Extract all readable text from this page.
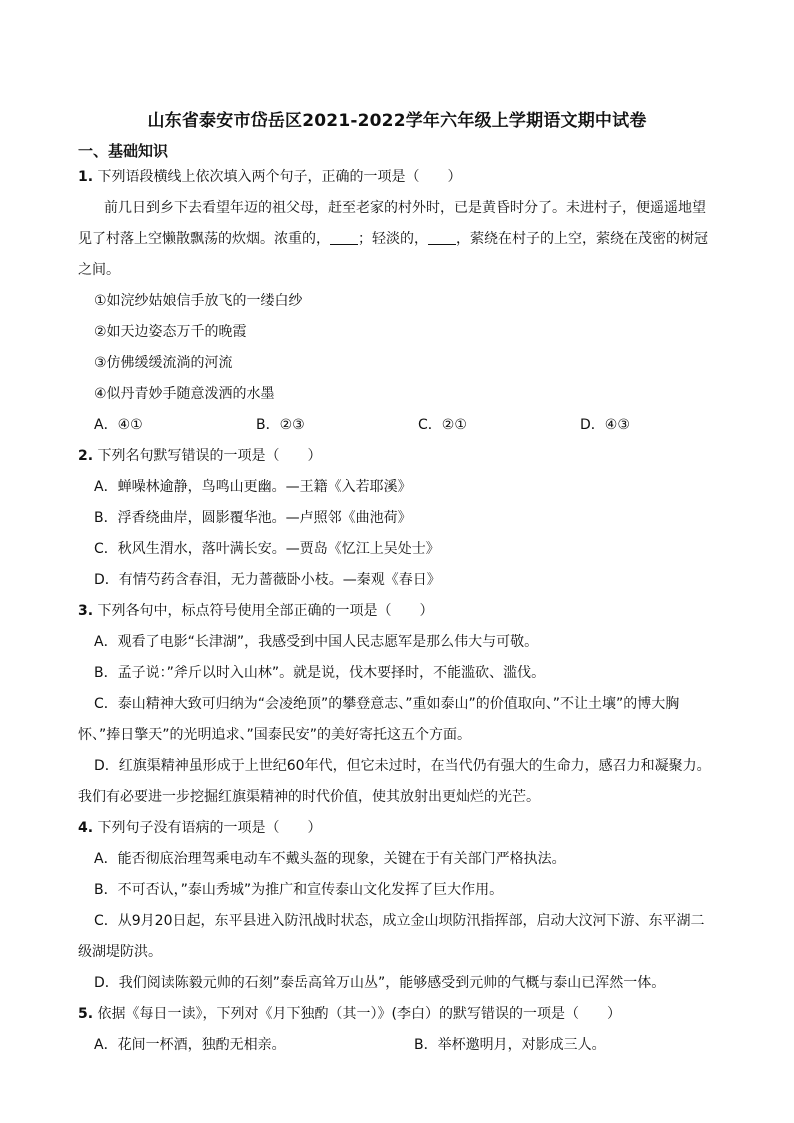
山东省泰安市岱岳区2021-2022学年六年级上学期语文期中试卷
一、基础知识
1. 下列语段横线上依次填入两个句子，正确的一项是（　　）
前几日到乡下去看望年迈的祖父母，赶至老家的村外时，已是黄昏时分了。未进村子，便遥遥地望
见了村落上空懒散飘荡的炊烟。浓重的， ；轻淡的， ，萦绕在村子的上空，萦绕在茂密的树冠
之间。
①如浣纱姑娘信手放飞的一缕白纱
②如天边姿态万千的晚霞
③仿佛缓缓流淌的河流
④似丹青妙手随意泼洒的水墨
A．④①	B．②③	C．②①	D．④③
2. 下列名句默写错误的一项是（　　）
A．蝉噪林逾静，鸟鸣山更幽。—王籍《入若耶溪》
B．浮香绕曲岸，圆影覆华池。—卢照邻《曲池荷》
C．秋风生渭水，落叶满长安。—贾岛《忆江上吴处士》
D．有情芍药含春泪，无力蔷薇卧小枝。—秦观《春日》
3. 下列各句中，标点符号使用全部正确的一项是（　　）
A．观看了电影“长津湖”，我感受到中国人民志愿军是那么伟大与可敬。
B．孟子说：”斧斤以时入山林”。就是说，伐木要择时，不能滥砍、滥伐。
C．泰山精神大致可归纳为“会凌绝顶”的攀登意志、”重如泰山”的价值取向、”不让土壤”的博大胸
怀、”捧日擎天”的光明追求、”国泰民安”的美好寄托这五个方面。
D．红旗渠精神虽形成于上世纪60年代，但它未过时，在当代仍有强大的生命力，感召力和凝聚力。
我们有必要进一步挖掘红旗渠精神的时代价值，使其放射出更灿烂的光芒。
4. 下列句子没有语病的一项是（　　）
A．能否彻底治理驾乘电动车不戴头盔的现象，关键在于有关部门严格执法。
B．不可否认，”泰山秀城”为推广和宣传泰山文化发挥了巨大作用。
C．从9月20日起，东平县进入防汛战时状态，成立金山坝防汛指挥部，启动大汶河下游、东平湖二
级湖堤防洪。
D．我们阅读陈毅元帅的石刻”泰岳高耸万山丛”，能够感受到元帅的气概与泰山已浑然一体。
5. 依据《每日一读》，下列对《月下独酌（其一）》(李白）的默写错误的一项是（　　）
A．花间一杯酒，独酌无相亲。	B．举杯邀明月，对影成三人。
